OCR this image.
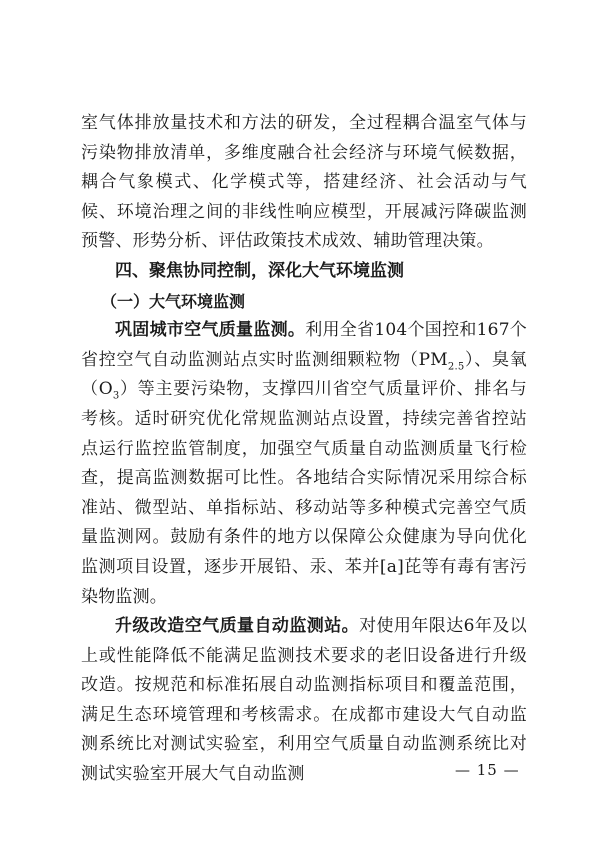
室气体排放量技术和方法的研发，全过程耦合温室气体与污染物排放清单，多维度融合社会经济与环境气候数据，耦合气象模式、化学模式等，搭建经济、社会活动与气候、环境治理之间的非线性响应模型，开展减污降碳监测预警、形势分析、评估政策技术成效、辅助管理决策。

四、聚焦协同控制，深化大气环境监测
（一）大气环境监测

巩固城市空气质量监测。利用全省104个国控和167个省控空气自动监测站点实时监测细颗粒物$(PM_{2.5})$、臭氧$(O_3)$等主要污染物，支撑四川省空气质量评价、排名与考核。适时研究优化常规监测站点设置，持续完善省控站点运行监控监管制度，加强空气质量自动监测质量飞行检查，提高监测数据可比性。各地结合实际情况采用综合标准站、微型站、单指标站、移动站等多种模式完善空气质量监测网。鼓励有条件的地方以保障公众健康为导向优化监测项目设置，逐步开展铅、汞、苯并[a]芘等有毒有害污染物监测。

升级改造空气质量自动监测站。对使用年限达6年及以上或性能降低不能满足监测技术要求的老旧设备进行升级改造。按规范和标准拓展自动监测指标项目和覆盖范围，满足生态环境管理和考核需求。在成都市建设大气自动监测系统比对测试实验室，利用空气质量自动监测系统比对测试实验室开展大气自动监测	— 15 —
